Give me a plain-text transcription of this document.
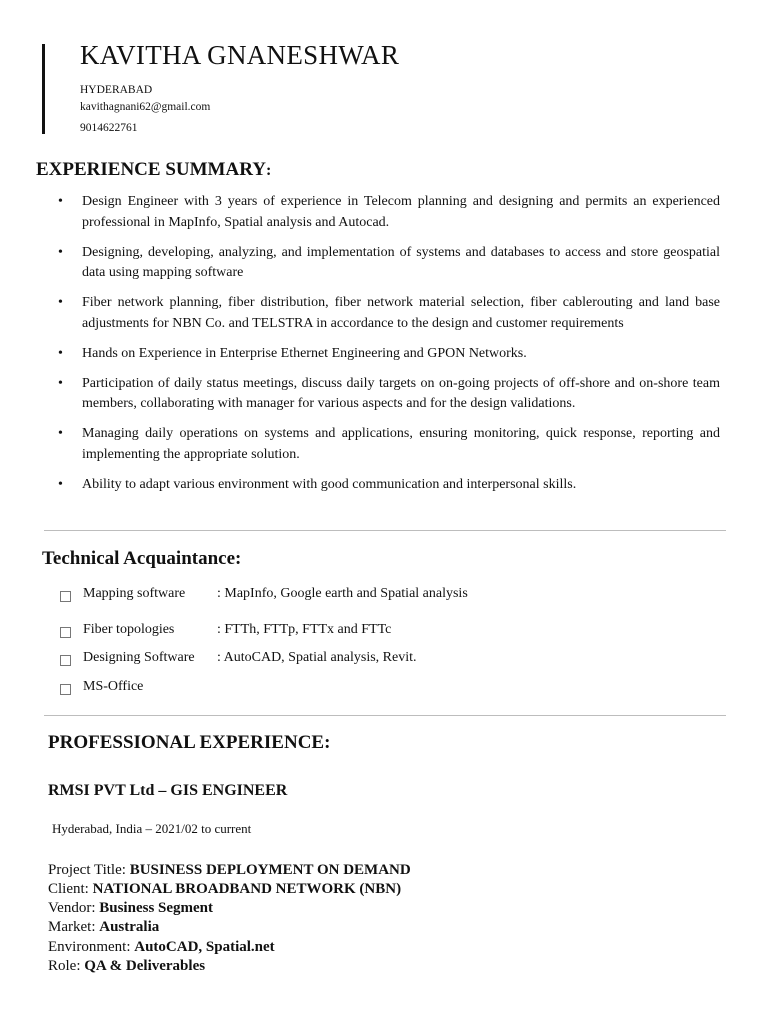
KAVITHA GNANESHWAR

HYDERABAD

kavithagnani62@gmail.com

9014622761

EXPERIENCE SUMMARY:
• Design Engineer with 3 years of experience in Telecom planning and designing and permits an experienced professional in MapInfo, Spatial analysis and Autocad.
• Designing, developing, analyzing, and implementation of systems and databases to access and store geospatial data using mapping software
• Fiber network planning, fiber distribution, fiber network material selection, fiber cablerouting and land base adjustments for NBN Co. and TELSTRA in accordance to the design and customer requirements
• Hands on Experience in Enterprise Ethernet Engineering and GPON Networks.
• Participation of daily status meetings, discuss daily targets on on-going projects of off-shore and on-shore team members, collaborating with manager for various aspects and for the design validations.
• Managing daily operations on systems and applications, ensuring monitoring, quick response, reporting and implementing the appropriate solution.
• Ability to adapt various environment with good communication and interpersonal skills.
Technical Acquaintance:
Mapping software	: MapInfo, Google earth and Spatial analysis
Fiber topologies	: FTTh, FTTp, FTTx and FTTc
Designing Software	: AutoCAD, Spatial analysis, Revit.
MS-Office
PROFESSIONAL EXPERIENCE:

RMSI PVT Ltd – GIS ENGINEER

Hyderabad, India – 2021/02 to current

Project Title: BUSINESS DEPLOYMENT ON DEMAND

Client: NATIONAL BROADBAND NETWORK (NBN)

Vendor: Business Segment

Market: Australia

Environment: AutoCAD, Spatial.net

Role: QA & Deliverables
